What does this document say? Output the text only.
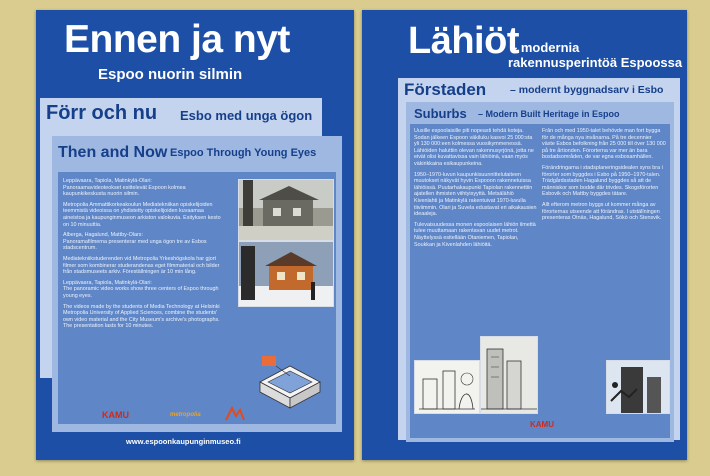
Ennen ja nyt
Espoo nuorin silmin
Förr och nu Esbo med unga ögon
Then and Now Espoo Through Young Eyes

Leppävaara, Tapiola, Matinkylä-Olari:
Panoraamavideoteokset esittelevät Espoon kolmea kaupunkikeskusta nuorin silmin.

Metropolia Ammattikorkeakoulun Mediatekniikan opiskelijoiden teemmistä videoissa on yhdistetty opiskelijoiden kuvaamaa aineistoa ja kaupunginmuseon arkiston valokuvia. Esityksen kesto on 10 minuuttia.

Alberga, Hagalund, Mattby-Olars:
Panoramafilmerna presenterar med unga ögon tre av Esbos stadscentrum.

Mediatekniikstuderenden vid Metropolia Yrkeshögskola har gjort filmer som kombinerar studerandenas eget filmmaterial och bilder från stadsmuseets arkiv. Föreställningen är 10 min lång.

Leppävaara, Tapiola, Matinkylä-Olari:
The panoramic video works show three centers of Espoo through young eyes.

The videos made by the students of Media Technology at Helsinki Metropolia University of Applied Sciences, combine the students' own video material and the City Museum's archive's photographs. The presentation lasts for 10 minutes.

KAMU	metropolia
www.espoonkaupunginmuseo.fi
Lähiöt
– modernia
rakennusperintöä Espoossa
Förstaden – modernt byggnadsarv i Esbo
Suburbs – Modern Built Heritage in Espoo

Uusille espoolaisille piti nopeasti tehdä koteja. Sodan jälkeen Espoon väkiluku kasvoi 25 000:sta yli 130 000:een kolmessa vuosikymmenessä. Lähiöiden haluttiin olevan rakennusyrjönä, jotta ne eivät olisi kuvattavissa vain lähiöinä, vaan myös väkirikkaina esikaupunkeina.

1950–1970-luvun kaupunkisuunnittelutaiteen muutokset näkyvät hyvin Espooon rakennetuissa lähiöissä. Puutarhakaupunki Tapiolan rakennettiin ajatellen ihmisten viihtyisyyttä. Metsälähiö Kivenlahti ja Matinkylä rakentuivat 1970-luvulla tiiviimmin. Olari ja Suvela edustavat eri aikakausien ideaaleja.

Tulevaisuudessa monen espoolaisen lähiön ilmettä tulee muuttamaan rakentavan uudet metrot. Näyttelyssä esitellään Otaniemen, Tapiolan, Soukkan ja Kivenlahden lähiöitä.

Från och med 1950-talet behövde man fort bygga för de många nya invånarna. På tre decennier växte Esbos befolkning från 25 000 till över 130 000 på tre årtionden. Förorterna var mer än bara bostadsområden, de var egna esbosamhällen.

Förändringarna i stadsplaneringsidealen syns bra i förorter som byggdes i Esbo på 1950–1970-talen. Trädgårdsstaden Hagalund byggdes så att de människor som bodde där trivdes. Skogsförorten Esbovik och Mattby byggdes tätare.

Allt efterom metron byggs ut kommer många av förorternas utseende att förändras. I utställningen presenteras Otnäs, Hagalund, Sökö och Stensvik.

KAMU
